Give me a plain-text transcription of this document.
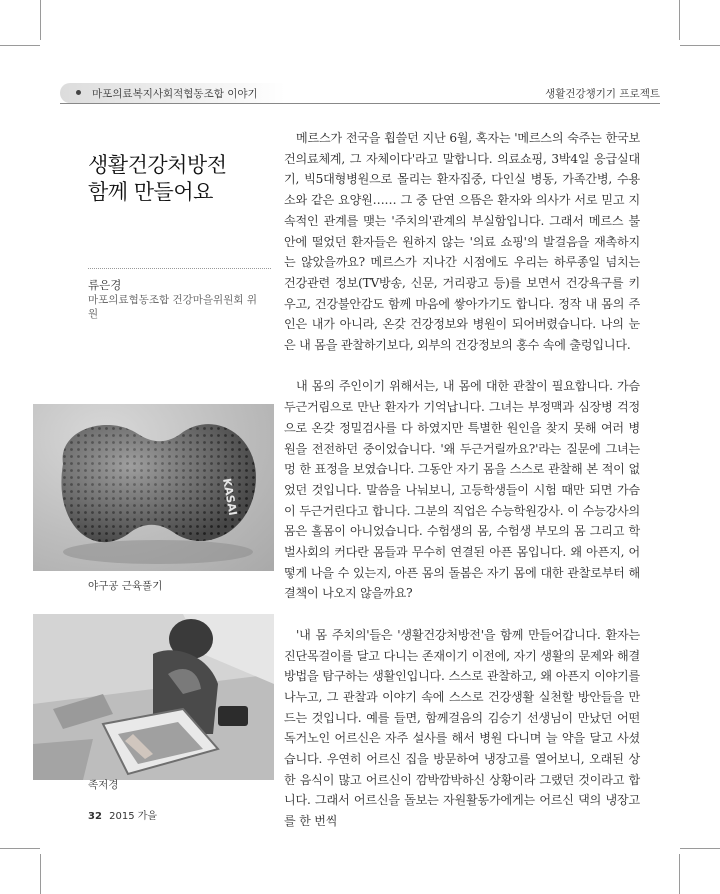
마포의료복지사회적협동조합 이야기	생활건강챙기기 프로젝트
생활건강처방전
함께 만들어요
류은경
마포의료협동조합 건강마을위원회 위원
KASAI
야구공 근육풀기
족저경

메르스가 전국을 휩쓸던 지난 6월, 혹자는 '메르스의 숙주는 한국보건의료체계, 그 자체이다'라고 말합니다. 의료쇼핑, 3박4일 응급실대기, 빅5대형병원으로 몰리는 환자집중, 다인실 병동, 가족간병, 수용소와 같은 요양원…… 그 중 단연 으뜸은 환자와 의사가 서로 믿고 지속적인 관계를 맺는 '주치의'관계의 부실함입니다. 그래서 메르스 불안에 떨었던 환자들은 원하지 않는 '의료 쇼핑'의 발걸음을 재촉하지는 않았을까요? 메르스가 지나간 시점에도 우리는 하루종일 넘치는 건강관련 정보(TV방송, 신문, 거리광고 등)를 보면서 건강욕구를 키우고, 건강불안감도 함께 마음에 쌓아가기도 합니다. 정작 내 몸의 주인은 내가 아니라, 온갖 건강정보와 병원이 되어버렸습니다. 나의 눈은 내 몸을 관찰하기보다, 외부의 건강정보의 홍수 속에 출렁입니다.

내 몸의 주인이기 위해서는, 내 몸에 대한 관찰이 필요합니다. 가슴두근거림으로 만난 환자가 기억납니다. 그녀는 부정맥과 심장병 걱정으로 온갖 정밀검사를 다 하였지만 특별한 원인을 찾지 못해 여러 병원을 전전하던 중이었습니다. '왜 두근거릴까요?'라는 질문에 그녀는 멍 한 표정을 보였습니다. 그동안 자기 몸을 스스로 관찰해 본 적이 없었던 것입니다. 말씀을 나눠보니, 고등학생들이 시험 때만 되면 가슴이 두근거린다고 합니다. 그분의 직업은 수능학원강사. 이 수능강사의 몸은 홀몸이 아니었습니다. 수험생의 몸, 수험생 부모의 몸 그리고 학벌사회의 커다란 몸들과 무수히 연결된 아픈 몸입니다. 왜 아픈지, 어떻게 나을 수 있는지, 아픈 몸의 돌봄은 자기 몸에 대한 관찰로부터 해결책이 나오지 않을까요?

'내 몸 주치의'들은 '생활건강처방전'을 함께 만들어갑니다. 환자는 진단목걸이를 달고 다니는 존재이기 이전에, 자기 생활의 문제와 해결방법을 탐구하는 생활인입니다. 스스로 관찰하고, 왜 아픈지 이야기를 나누고, 그 관찰과 이야기 속에 스스로 건강생활 실천할 방안들을 만드는 것입니다. 예를 들면, 함께걸음의 김승기 선생님이 만났던 어떤 독거노인 어르신은 자주 설사를 해서 병원 다니며 늘 약을 달고 사셨습니다. 우연히 어르신 집을 방문하여 냉장고를 열어보니, 오래된 상한 음식이 많고 어르신이 깜박깜박하신 상황이라 그랬던 것이라고 합니다. 그래서 어르신을 돌보는 자원활동가에게는 어르신 댁의 냉장고를 한 번씩

32 2015 가을
